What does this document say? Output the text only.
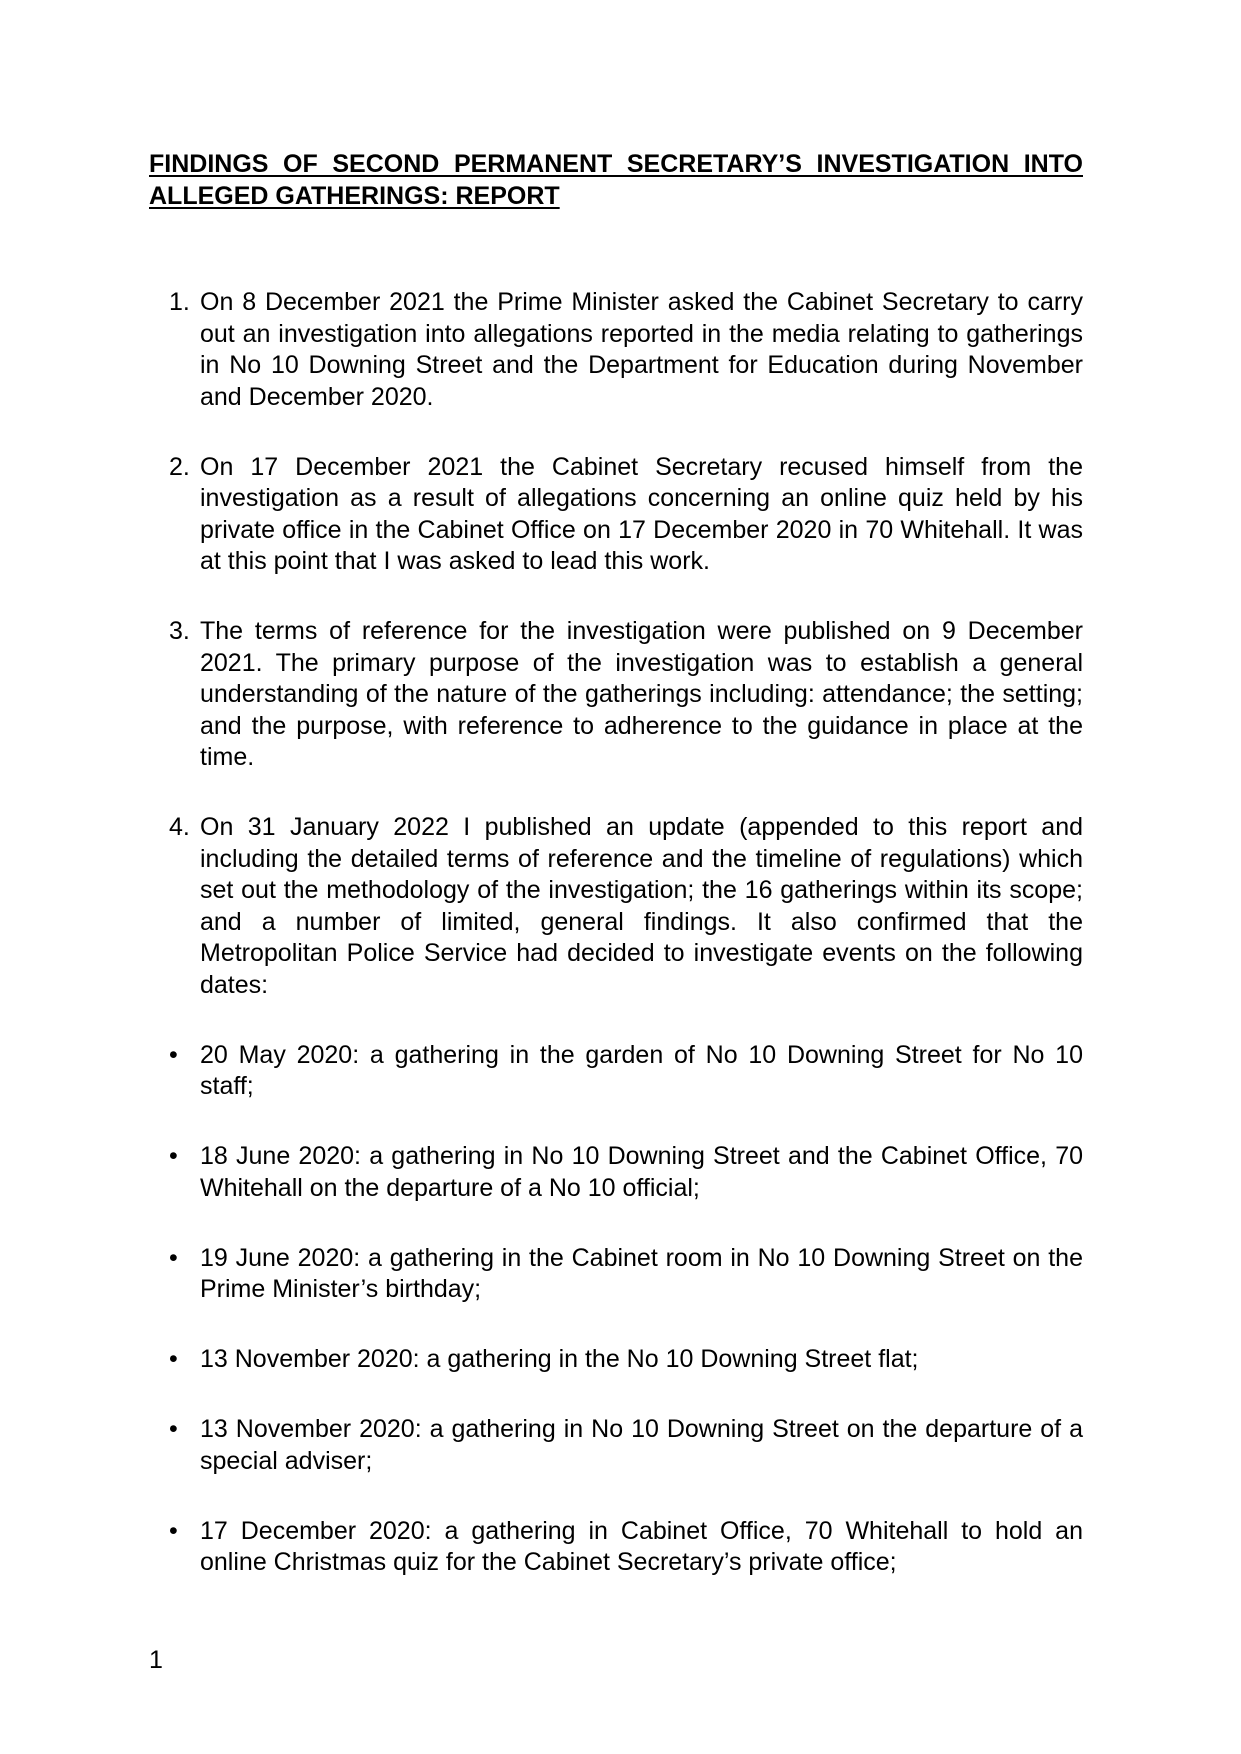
FINDINGS OF SECOND PERMANENT SECRETARY’S INVESTIGATION INTO ALLEGED GATHERINGS: REPORT
1. On 8 December 2021 the Prime Minister asked the Cabinet Secretary to carry out an investigation into allegations reported in the media relating to gatherings in No 10 Downing Street and the Department for Education during November and December 2020.
2. On 17 December 2021 the Cabinet Secretary recused himself from the investigation as a result of allegations concerning an online quiz held by his private office in the Cabinet Office on 17 December 2020 in 70 Whitehall. It was at this point that I was asked to lead this work.
3. The terms of reference for the investigation were published on 9 December 2021. The primary purpose of the investigation was to establish a general understanding of the nature of the gatherings including: attendance; the setting; and the purpose, with reference to adherence to the guidance in place at the time.
4. On 31 January 2022 I published an update (appended to this report and including the detailed terms of reference and the timeline of regulations) which set out the methodology of the investigation; the 16 gatherings within its scope; and a number of limited, general findings. It also confirmed that the Metropolitan Police Service had decided to investigate events on the following dates:
• 20 May 2020: a gathering in the garden of No 10 Downing Street for No 10 staff;
• 18 June 2020: a gathering in No 10 Downing Street and the Cabinet Office, 70 Whitehall on the departure of a No 10 official;
• 19 June 2020: a gathering in the Cabinet room in No 10 Downing Street on the Prime Minister’s birthday;
• 13 November 2020: a gathering in the No 10 Downing Street flat;
• 13 November 2020: a gathering in No 10 Downing Street on the departure of a special adviser;
• 17 December 2020: a gathering in Cabinet Office, 70 Whitehall to hold an online Christmas quiz for the Cabinet Secretary’s private office;
1
